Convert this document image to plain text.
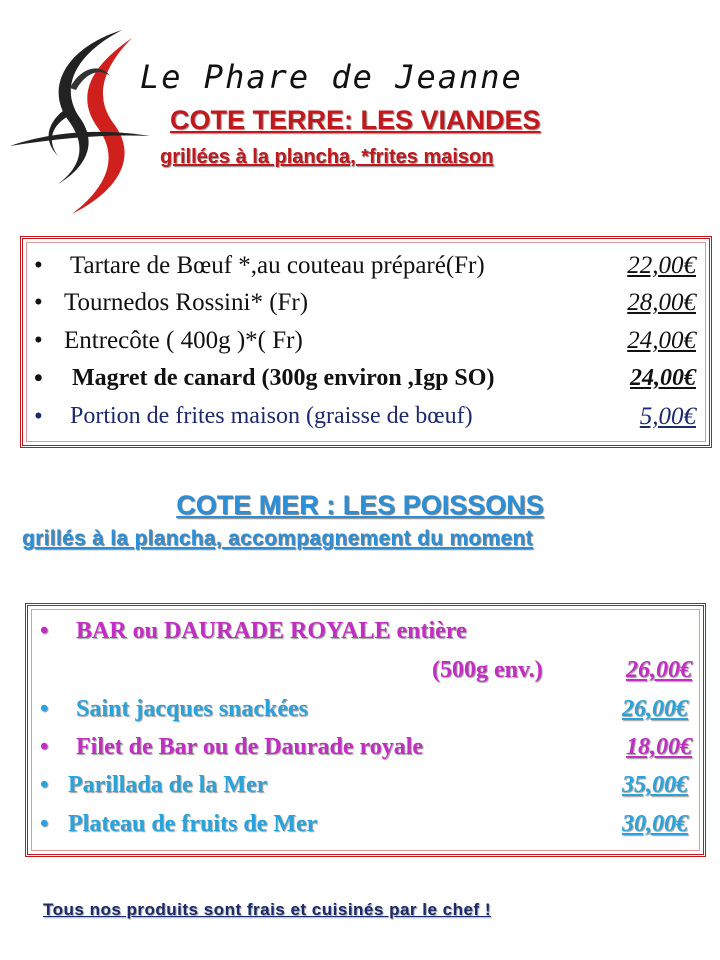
Le Phare de Jeanne
COTE TERRE: LES VIANDES
grillées à la plancha, *frites maison
• Tartare de Bœuf *,au couteau préparé(Fr)	22,00€
• Tournedos Rossini* (Fr)	28,00€
• Entrecôte ( 400g )*( Fr)	24,00€
• Magret de canard (300g environ ,Igp SO)	24,00€
• Portion de frites maison (graisse de bœuf)	5,00€
COTE MER : LES POISSONS
grillés à la plancha, accompagnement du moment
• BAR ou DAURADE ROYALE entière
(500g env.)	26,00€
• Saint jacques snackées	26,00€
• Filet de Bar ou de Daurade royale	18,00€
• Parillada de la Mer	35,00€
• Plateau de fruits de Mer	30,00€
Tous nos produits sont frais et cuisinés par le chef !
